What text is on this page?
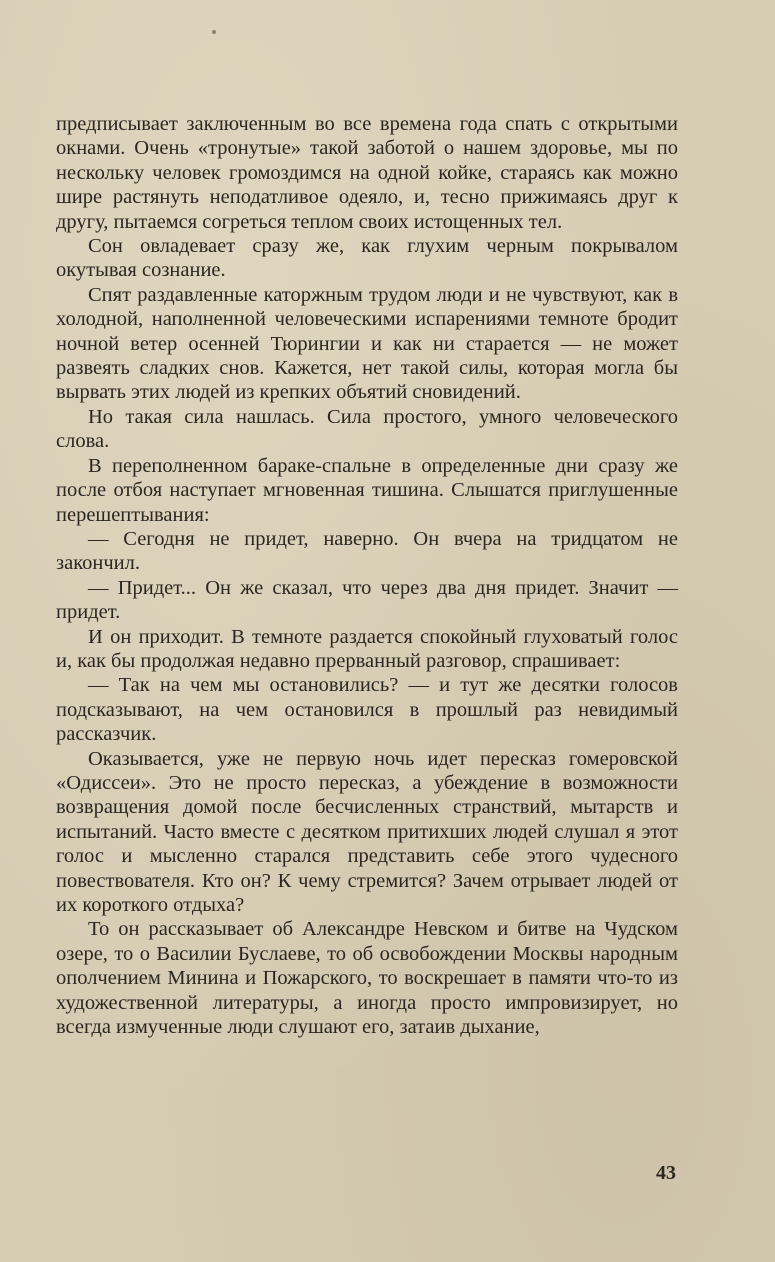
предписывает заключенным во все времена года спать с открытыми окнами. Очень «тронутые» такой заботой о нашем здоровье, мы по нескольку человек громоздимся на одной койке, стараясь как можно шире растянуть неподатливое одеяло, и, тесно прижимаясь друг к другу, пытаемся согреться теплом своих истощенных тел.

Сон овладевает сразу же, как глухим черным покрывалом окутывая сознание.

Спят раздавленные каторжным трудом люди и не чувствуют, как в холодной, наполненной человеческими испарениями темноте бродит ночной ветер осенней Тюрингии и как ни старается — не может развеять сладких снов. Кажется, нет такой силы, которая могла бы вырвать этих людей из крепких объятий сновидений.

Но такая сила нашлась. Сила простого, умного человеческого слова.

В переполненном бараке-спальне в определенные дни сразу же после отбоя наступает мгновенная тишина. Слышатся приглушенные перешептывания:

— Сегодня не придет, наверно. Он вчера на тридцатом не закончил.

— Придет... Он же сказал, что через два дня придет. Значит — придет.

И он приходит. В темноте раздается спокойный глуховатый голос и, как бы продолжая недавно прерванный разговор, спрашивает:

— Так на чем мы остановились? — и тут же десятки голосов подсказывают, на чем остановился в прошлый раз невидимый рассказчик.

Оказывается, уже не первую ночь идет пересказ гомеровской «Одиссеи». Это не просто пересказ, а убеждение в возможности возвращения домой после бесчисленных странствий, мытарств и испытаний. Часто вместе с десятком притихших людей слушал я этот голос и мысленно старался представить себе этого чудесного повествователя. Кто он? К чему стремится? Зачем отрывает людей от их короткого отдыха?

То он рассказывает об Александре Невском и битве на Чудском озере, то о Василии Буслаеве, то об освобождении Москвы народным ополчением Минина и Пожарского, то воскрешает в памяти что-то из художественной литературы, а иногда просто импровизирует, но всегда измученные люди слушают его, затаив дыхание,

43
